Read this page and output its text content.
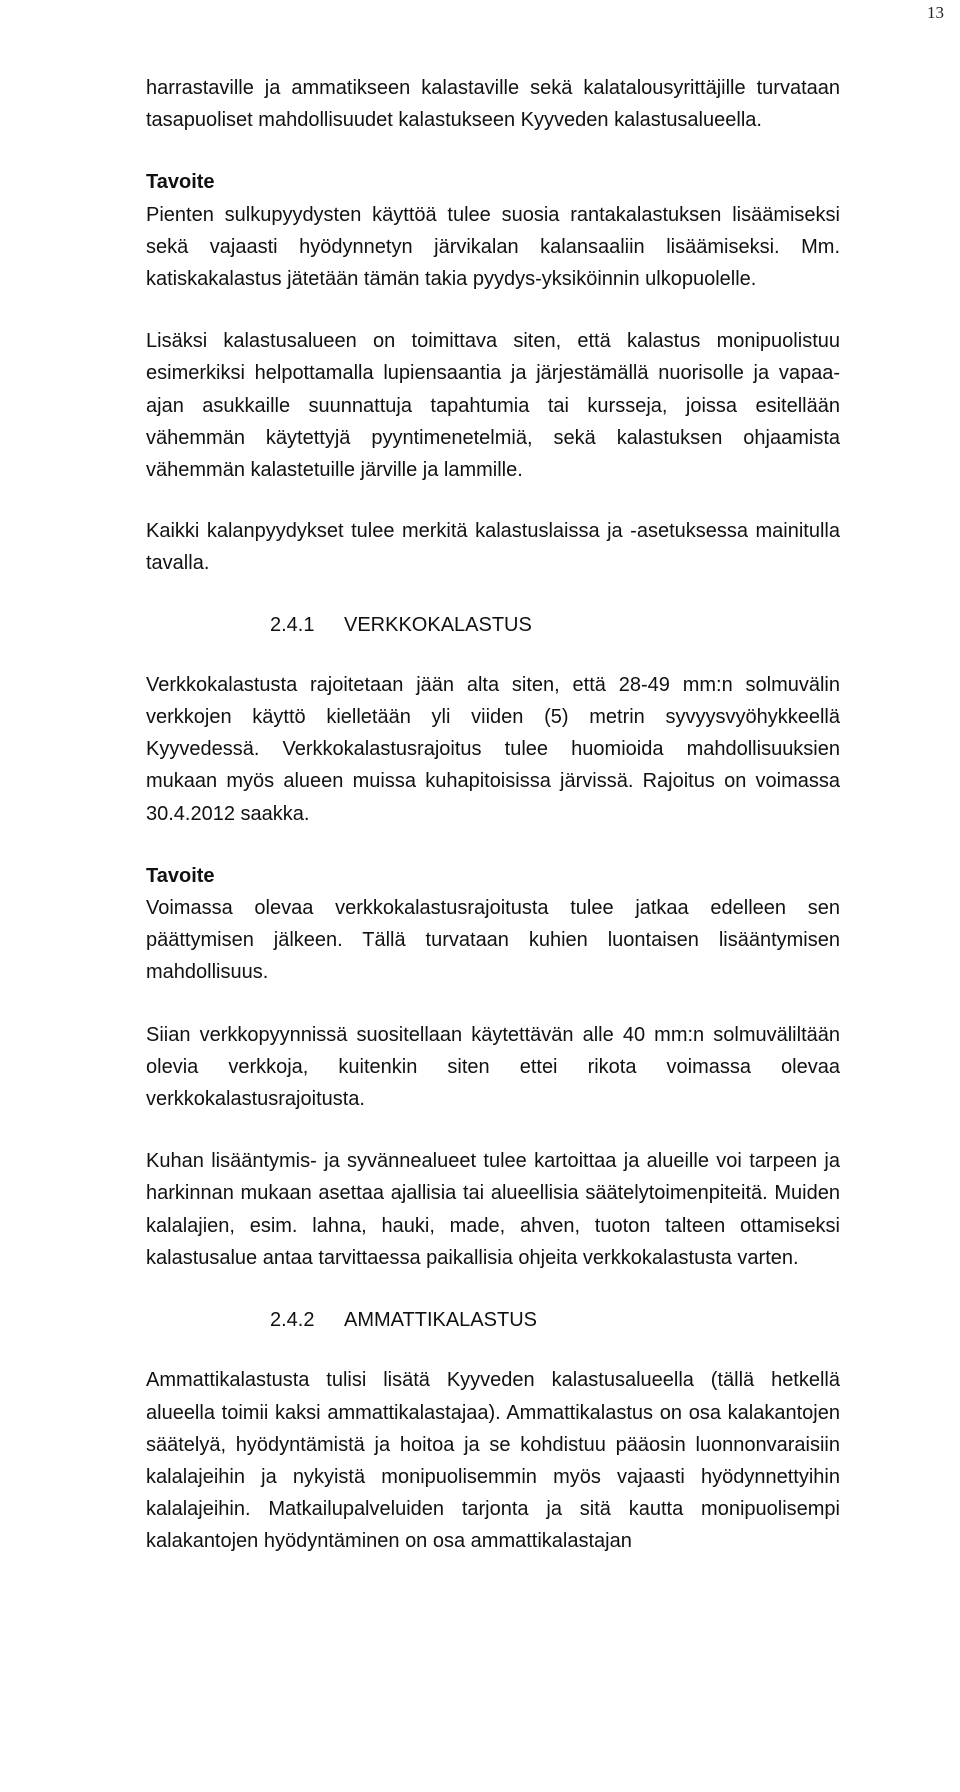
13

harrastaville ja ammatikseen kalastaville sekä kalatalousyrittäjille turvataan tasapuoliset mahdollisuudet kalastukseen Kyyveden kalastusalueella.

Tavoite

Pienten sulkupyydysten käyttöä tulee suosia rantakalastuksen lisäämiseksi sekä vajaasti hyödynnetyn järvikalan kalansaaliin lisäämiseksi. Mm. katiskakalastus jätetään tämän takia pyydys-yksiköinnin ulkopuolelle.

Lisäksi kalastusalueen on toimittava siten, että kalastus monipuolistuu esimerkiksi helpottamalla lupiensaantia ja järjestämällä nuorisolle ja vapaa-ajan asukkaille suunnattuja tapahtumia tai kursseja, joissa esitellään vähemmän käytettyjä pyyntimenetelmiä, sekä kalastuksen ohjaamista vähemmän kalastetuille järville ja lammille.

Kaikki kalanpyydykset tulee merkitä kalastuslaissa ja -asetuksessa mainitulla tavalla.

2.4.1 VERKKOKALASTUS

Verkkokalastusta rajoitetaan jään alta siten, että 28-49 mm:n solmuvälin verkkojen käyttö kielletään yli viiden (5) metrin syvyysvyöhykkeellä Kyyvedessä. Verkkokalastusrajoitus tulee huomioida mahdollisuuksien mukaan myös alueen muissa kuhapitoisissa järvissä. Rajoitus on voimassa 30.4.2012 saakka.

Tavoite

Voimassa olevaa verkkokalastusrajoitusta tulee jatkaa edelleen sen päättymisen jälkeen. Tällä turvataan kuhien luontaisen lisääntymisen mahdollisuus.

Siian verkkopyynnissä suositellaan käytettävän alle 40 mm:n solmuväliltään olevia verkkoja, kuitenkin siten ettei rikota voimassa olevaa verkkokalastusrajoitusta.

Kuhan lisääntymis- ja syvännealueet tulee kartoittaa ja alueille voi tarpeen ja harkinnan mukaan asettaa ajallisia tai alueellisia säätelytoimenpiteitä. Muiden kalalajien, esim. lahna, hauki, made, ahven, tuoton talteen ottamiseksi kalastusalue antaa tarvittaessa paikallisia ohjeita verkkokalastusta varten.

2.4.2 AMMATTIKALASTUS

Ammattikalastusta tulisi lisätä Kyyveden kalastusalueella (tällä hetkellä alueella toimii kaksi ammattikalastajaa). Ammattikalastus on osa kalakantojen säätelyä, hyödyntämistä ja hoitoa ja se kohdistuu pääosin luonnonvaraisiin kalalajeihin ja nykyistä monipuolisemmin myös vajaasti hyödynnettyihin kalalajeihin. Matkailupalveluiden tarjonta ja sitä kautta monipuolisempi kalakantojen hyödyntäminen on osa ammattikalastajan
